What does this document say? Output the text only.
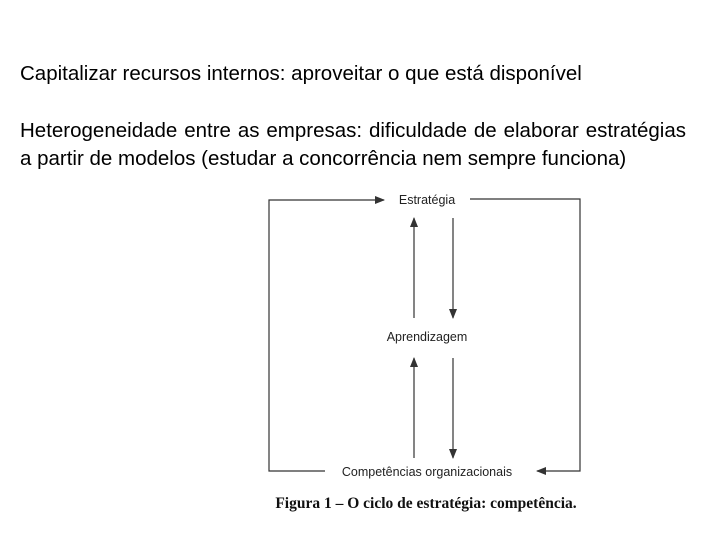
Capitalizar recursos internos: aproveitar o que está disponível

Heterogeneidade entre as empresas: dificuldade de elaborar estratégias a partir de modelos (estudar a concorrência nem sempre funciona)

Estratégia
Aprendizagem
Competências organizacionais
Figura 1 – O ciclo de estratégia: competência.
